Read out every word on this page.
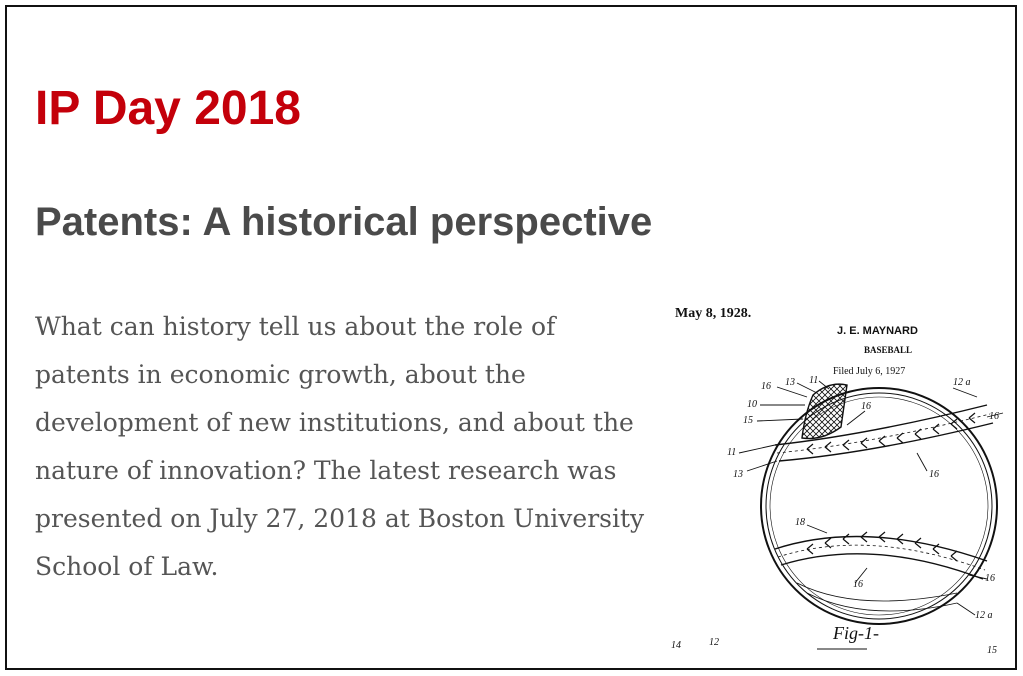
IP Day 2018
Patents: A historical perspective

What can history tell us about the role of
patents in economic growth, about the
development of new institutions, and about the
nature of innovation? The latest research was
presented on July 27, 2018 at Boston University
School of Law.

May 8, 1928.
J. E. MAYNARD
BASEBALL
Filed July 6, 1927
16 13 11
10
15
11
13
12 a
16
16
16
18
16
16
12 a
14	12
15
Fig-1-
